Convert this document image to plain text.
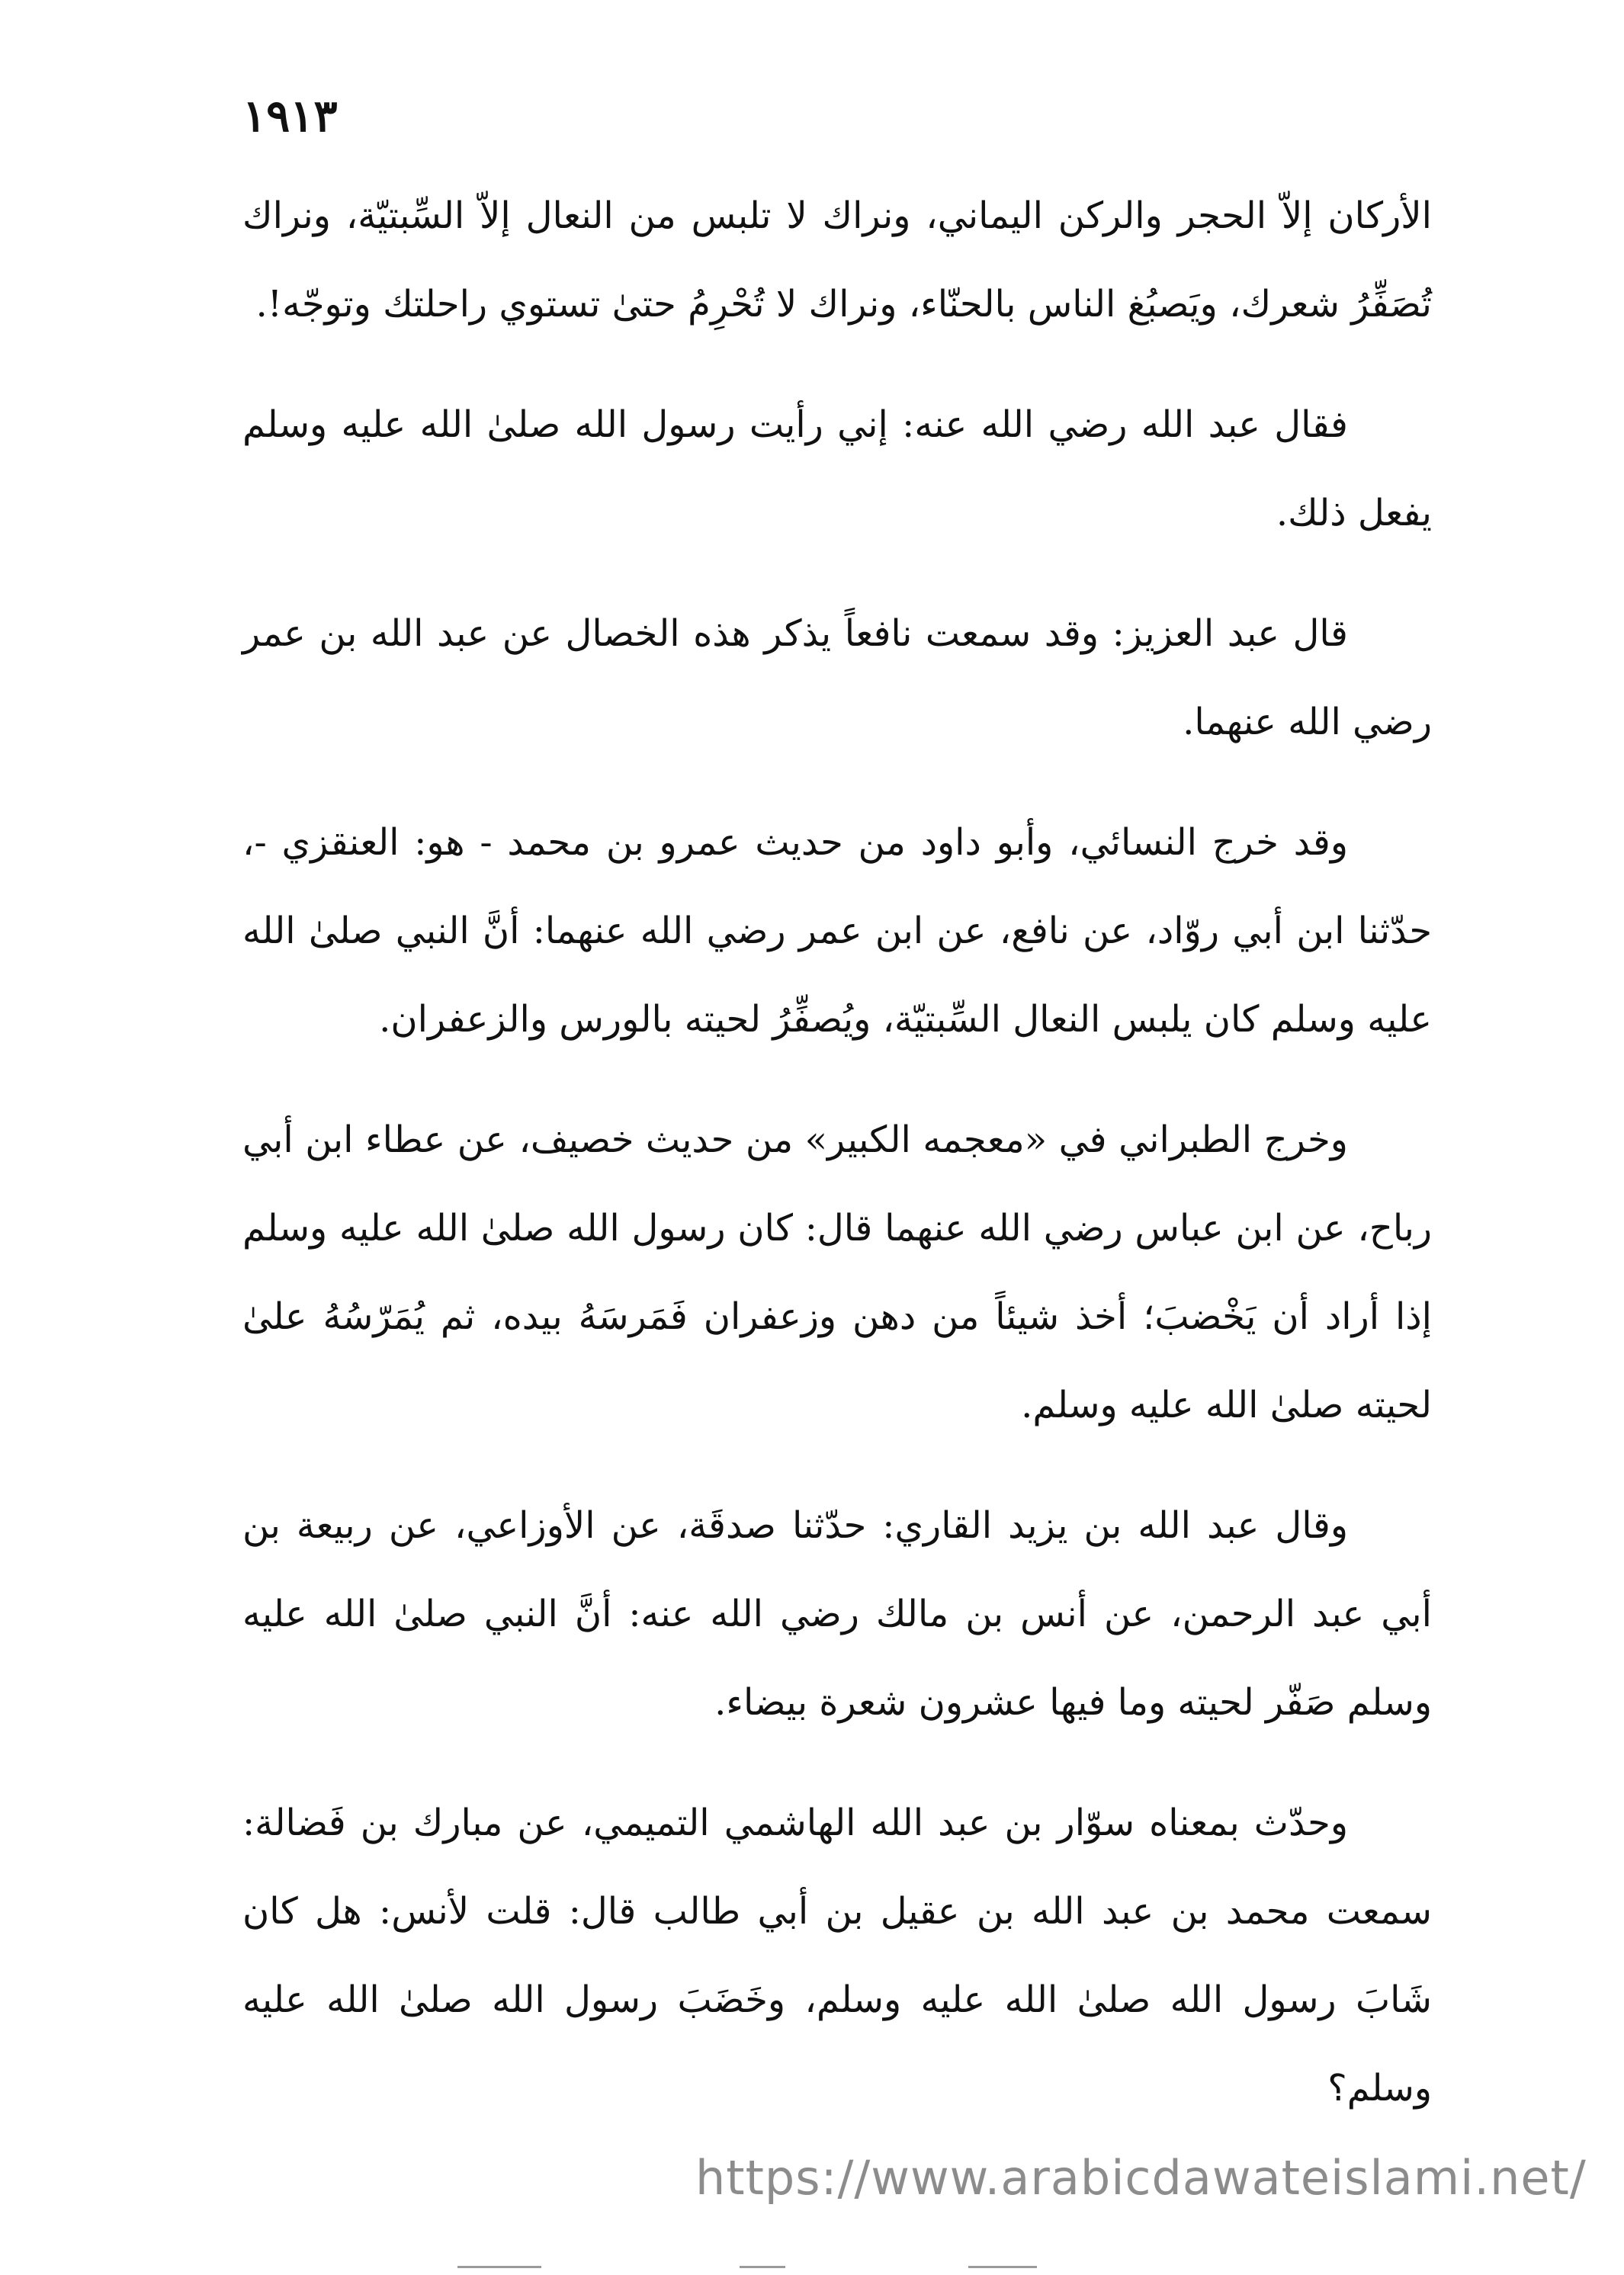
١٩١٣

الأركان إلاّ الحجر والركن اليماني، ونراك لا تلبس من النعال إلاّ السِّبتيّة، ونراك تُصَفِّرُ شعرك، ويَصبُغ الناس بالحنّاء، ونراك لا تُحْرِمُ حتىٰ تستوي راحلتك وتوجّه!.

فقال عبد الله رضي الله عنه: إني رأيت رسول الله صلىٰ الله عليه وسلم يفعل ذلك.

قال عبد العزيز: وقد سمعت نافعاً يذكر هذه الخصال عن عبد الله بن عمر رضي الله عنهما.

وقد خرج النسائي، وأبو داود من حديث عمرو بن محمد - هو: العنقزي -، حدّثنا ابن أبي روّاد، عن نافع، عن ابن عمر رضي الله عنهما: أنَّ النبي صلىٰ الله عليه وسلم كان يلبس النعال السِّبتيّة، ويُصفِّرُ لحيته بالورس والزعفران.

وخرج الطبراني في «معجمه الكبير» من حديث خصيف، عن عطاء ابن أبي رباح، عن ابن عباس رضي الله عنهما قال: كان رسول الله صلىٰ الله عليه وسلم إذا أراد أن يَخْضبَ؛ أخذ شيئاً من دهن وزعفران فَمَرسَهُ بيده، ثم يُمَرّسُهُ علىٰ لحيته صلىٰ الله عليه وسلم.

وقال عبد الله بن يزيد القاري: حدّثنا صدقَة، عن الأوزاعي، عن ربيعة بن أبي عبد الرحمن، عن أنس بن مالك رضي الله عنه: أنَّ النبي صلىٰ الله عليه وسلم صَفّر لحيته وما فيها عشرون شعرة بيضاء.

وحدّث بمعناه سوّار بن عبد الله الهاشمي التميمي، عن مبارك بن فَضالة: سمعت محمد بن عبد الله بن عقيل بن أبي طالب قال: قلت لأنس: هل كان شَابَ رسول الله صلىٰ الله عليه وسلم، وخَضَبَ رسول الله صلىٰ الله عليه وسلم؟

https://www.arabicdawateislami.net/
